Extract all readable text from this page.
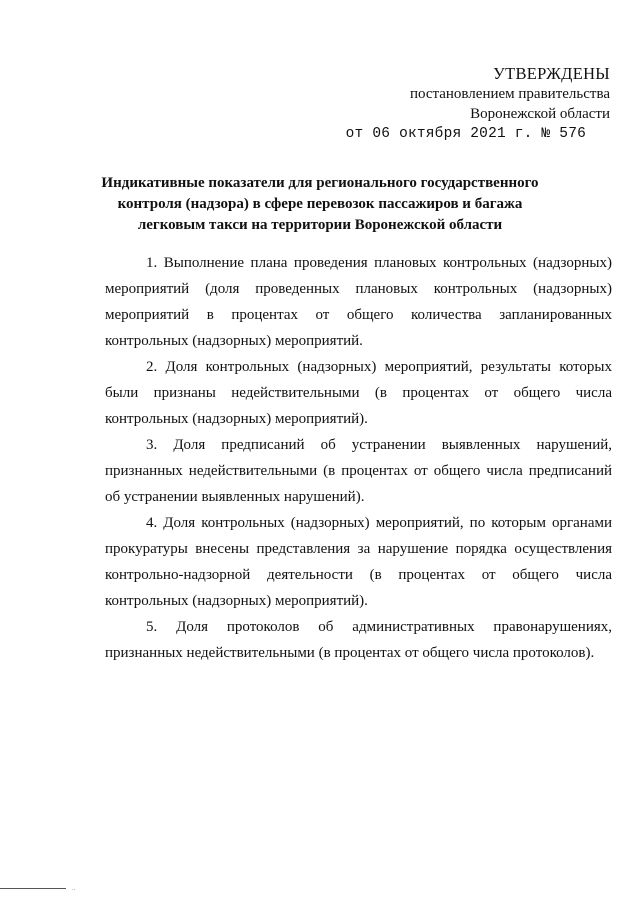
УТВЕРЖДЕНЫ
постановлением правительства
Воронежской области
от 06 октября 2021 г. № 576
Индикативные показатели для регионального государственного контроля (надзора) в сфере перевозок пассажиров и багажа легковым такси на территории Воронежской области

1. Выполнение плана проведения плановых контрольных (надзорных) мероприятий (доля проведенных плановых контрольных (надзорных) мероприятий в процентах от общего количества запланированных контрольных (надзорных) мероприятий.

2. Доля контрольных (надзорных) мероприятий, результаты которых были признаны недействительными (в процентах от общего числа контрольных (надзорных) мероприятий).

3. Доля предписаний об устранении выявленных нарушений, признанных недействительными (в процентах от общего числа предписаний об устранении выявленных нарушений).

4. Доля контрольных (надзорных) мероприятий, по которым органами прокуратуры внесены представления за нарушение порядка осуществления контрольно-надзорной деятельности (в процентах от общего числа контрольных (надзорных) мероприятий).

5. Доля протоколов об административных правонарушениях, признанных недействительными (в процентах от общего числа протоколов).

..
